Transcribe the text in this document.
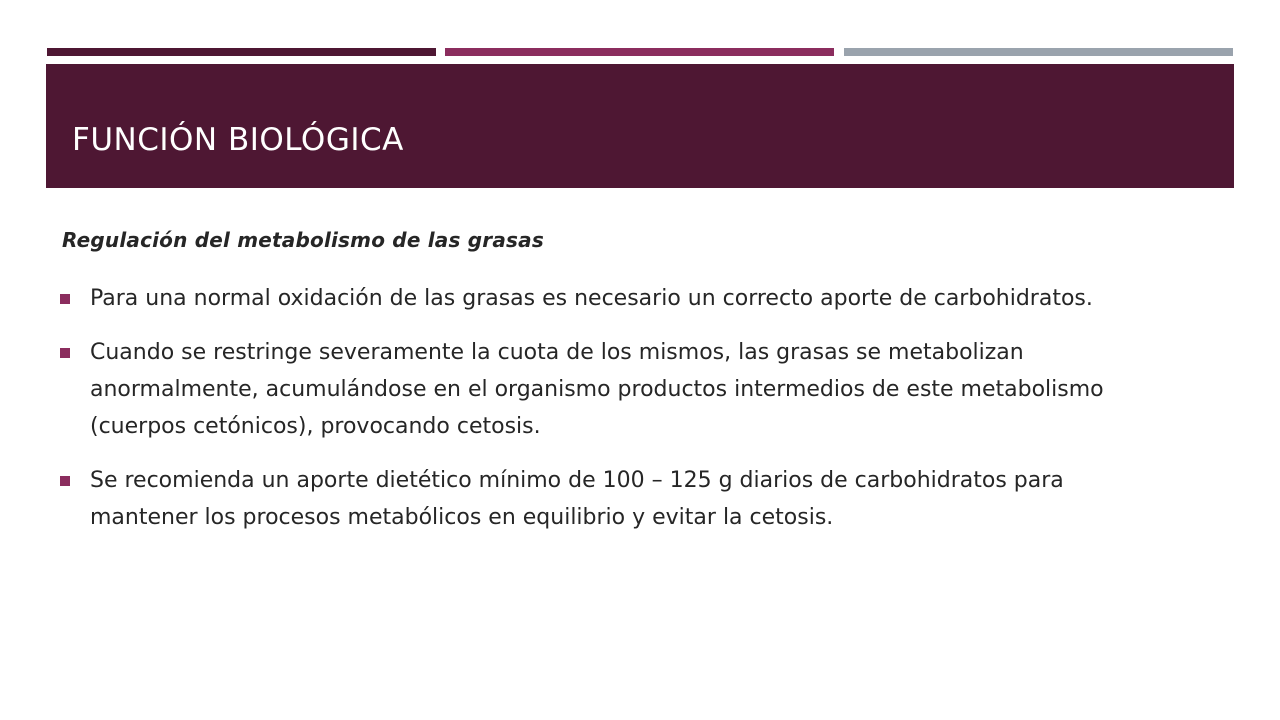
FUNCIÓN BIOLÓGICA
Regulación del metabolismo de las grasas
Para una normal oxidación de las grasas es necesario un correcto aporte de carbohidratos.
Cuando se restringe severamente la cuota de los mismos, las grasas se metabolizan anormalmente, acumulándose en el organismo productos intermedios de este metabolismo (cuerpos cetónicos), provocando cetosis.
Se recomienda un aporte dietético mínimo de 100 – 125 g diarios de carbohidratos para mantener los procesos metabólicos en equilibrio y evitar la cetosis.
